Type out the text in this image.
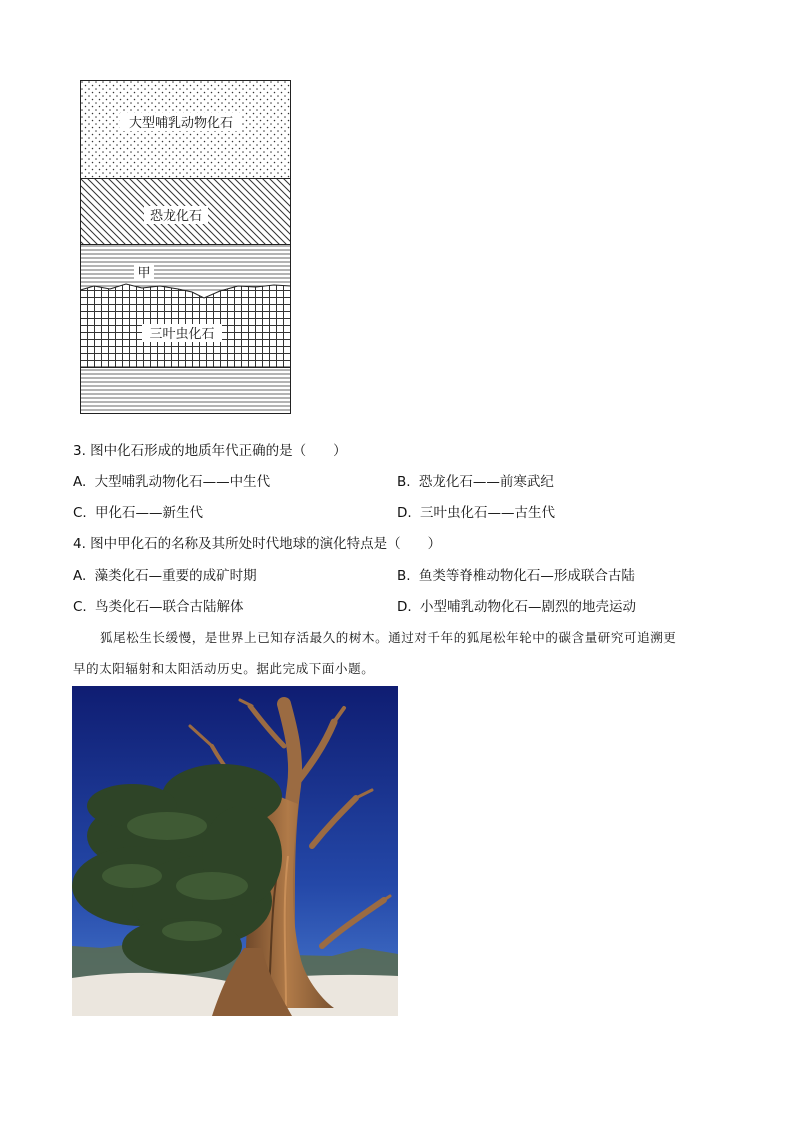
大型哺乳动物化石
恐龙化石
甲
三叶虫化石
3. 图中化石形成的地质年代正确的是（　　）
A. 大型哺乳动物化石——中生代	B. 恐龙化石——前寒武纪
C. 甲化石——新生代	D. 三叶虫化石——古生代
4. 图中甲化石的名称及其所处时代地球的演化特点是（　　）
A. 藻类化石—重要的成矿时期	B. 鱼类等脊椎动物化石—形成联合古陆
C. 鸟类化石—联合古陆解体	D. 小型哺乳动物化石—剧烈的地壳运动
狐尾松生长缓慢，是世界上已知存活最久的树木。通过对千年的狐尾松年轮中的碳含量研究可追溯更
早的太阳辐射和太阳活动历史。据此完成下面小题。
